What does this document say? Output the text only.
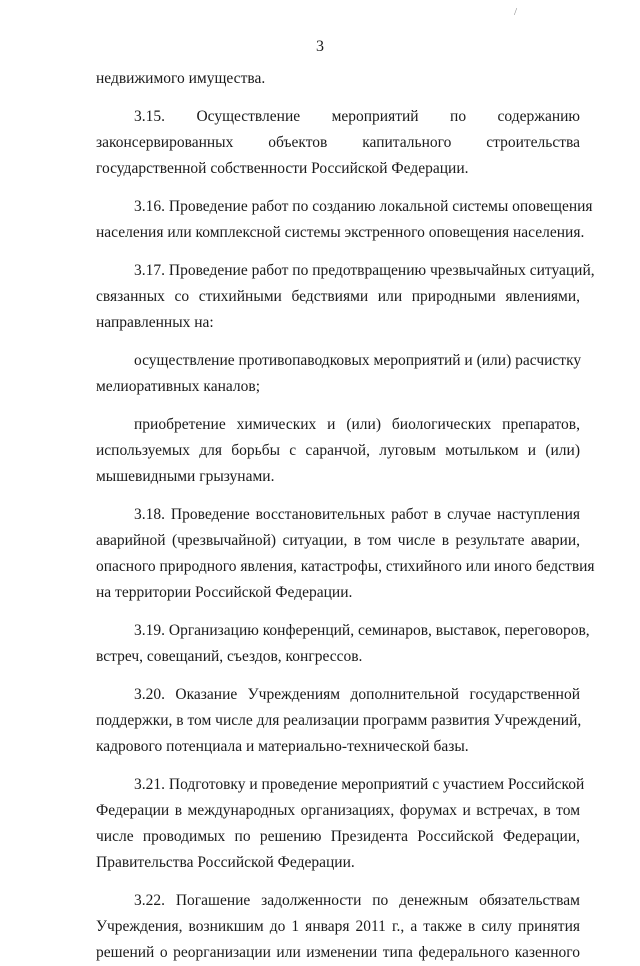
/
3
недвижимого имущества.
3.15. Осуществление мероприятий по содержанию
законсервированных объектов капитального строительства
государственной собственности Российской Федерации.
3.16. Проведение работ по созданию локальной системы оповещения
населения или комплексной системы экстренного оповещения населения.
3.17. Проведение работ по предотвращению чрезвычайных ситуаций,
связанных со стихийными бедствиями или природными явлениями,
направленных на:
осуществление противопаводковых мероприятий и (или) расчистку
мелиоративных каналов;
приобретение химических и (или) биологических препаратов,
используемых для борьбы с саранчой, луговым мотыльком и (или)
мышевидными грызунами.
3.18. Проведение восстановительных работ в случае наступления
аварийной (чрезвычайной) ситуации, в том числе в результате аварии,
опасного природного явления, катастрофы, стихийного или иного бедствия
на территории Российской Федерации.
3.19. Организацию конференций, семинаров, выставок, переговоров,
встреч, совещаний, съездов, конгрессов.
3.20. Оказание Учреждениям дополнительной государственной
поддержки, в том числе для реализации программ развития Учреждений,
кадрового потенциала и материально-технической базы.
3.21. Подготовку и проведение мероприятий с участием Российской
Федерации в международных организациях, форумах и встречах, в том
числе проводимых по решению Президента Российской Федерации,
Правительства Российской Федерации.
3.22. Погашение задолженности по денежным обязательствам
Учреждения, возникшим до 1 января 2011 г., а также в силу принятия
решений о реорганизации или изменении типа федерального казенного
